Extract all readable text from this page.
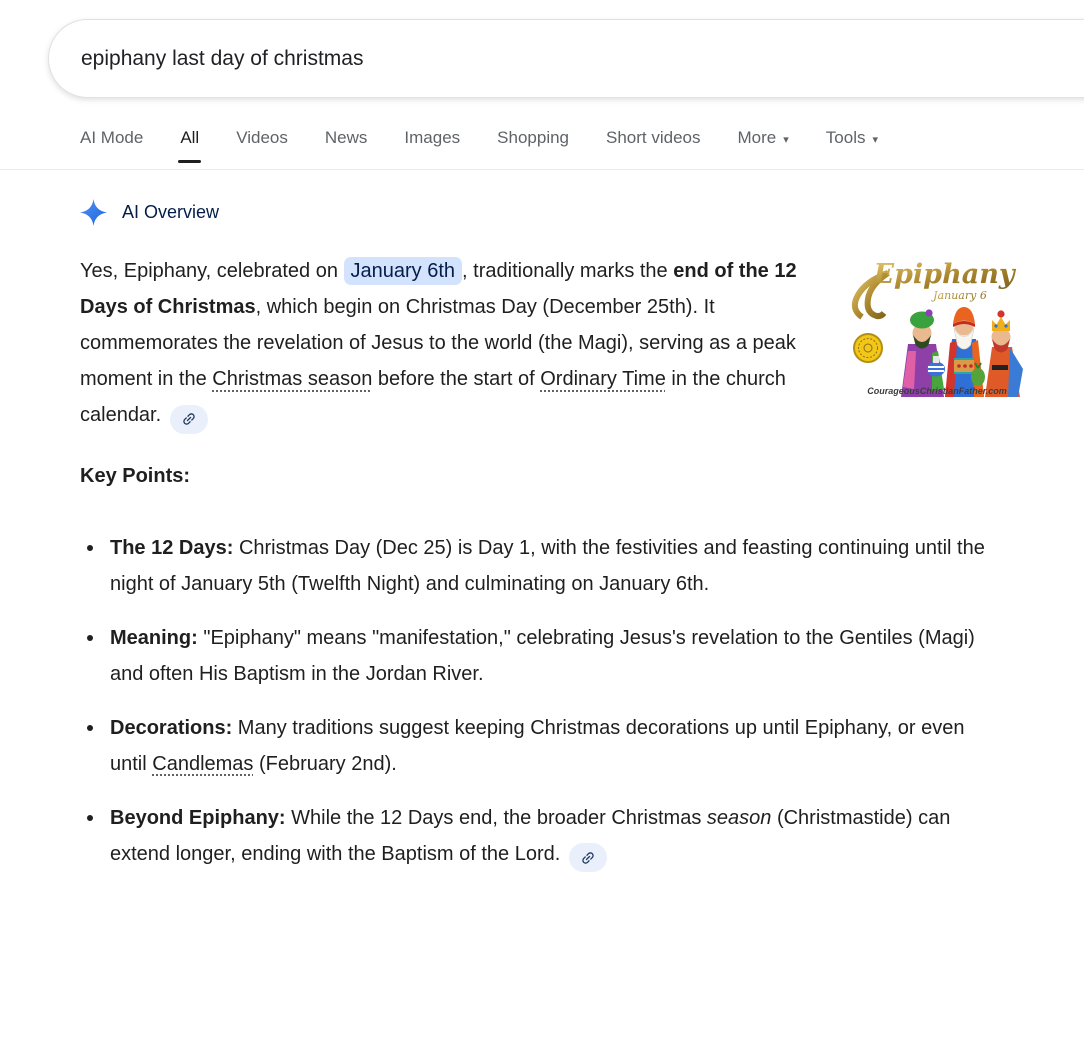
epiphany last day of christmas
AI Mode All Videos News Images Shopping Short videos More ▾ Tools ▾
AI Overview
Yes, Epiphany, celebrated on January 6th , traditionally marks the end of the 12 Days of Christmas, which begin on Christmas Day (December 25th). It commemorates the revelation of Jesus to the world (the Magi), serving as a peak moment in the Christmas season before the start of Ordinary Time in the church calendar.
Epiphany
January 6
CourageousChristianFather.com
Key Points:
The 12 Days: Christmas Day (Dec 25) is Day 1, with the festivities and feasting continuing until the night of January 5th (Twelfth Night) and culminating on January 6th.
Meaning: "Epiphany" means "manifestation," celebrating Jesus's revelation to the Gentiles (Magi) and often His Baptism in the Jordan River.
Decorations: Many traditions suggest keeping Christmas decorations up until Epiphany, or even until Candlemas (February 2nd).
Beyond Epiphany: While the 12 Days end, the broader Christmas season (Christmastide) can extend longer, ending with the Baptism of the Lord.
